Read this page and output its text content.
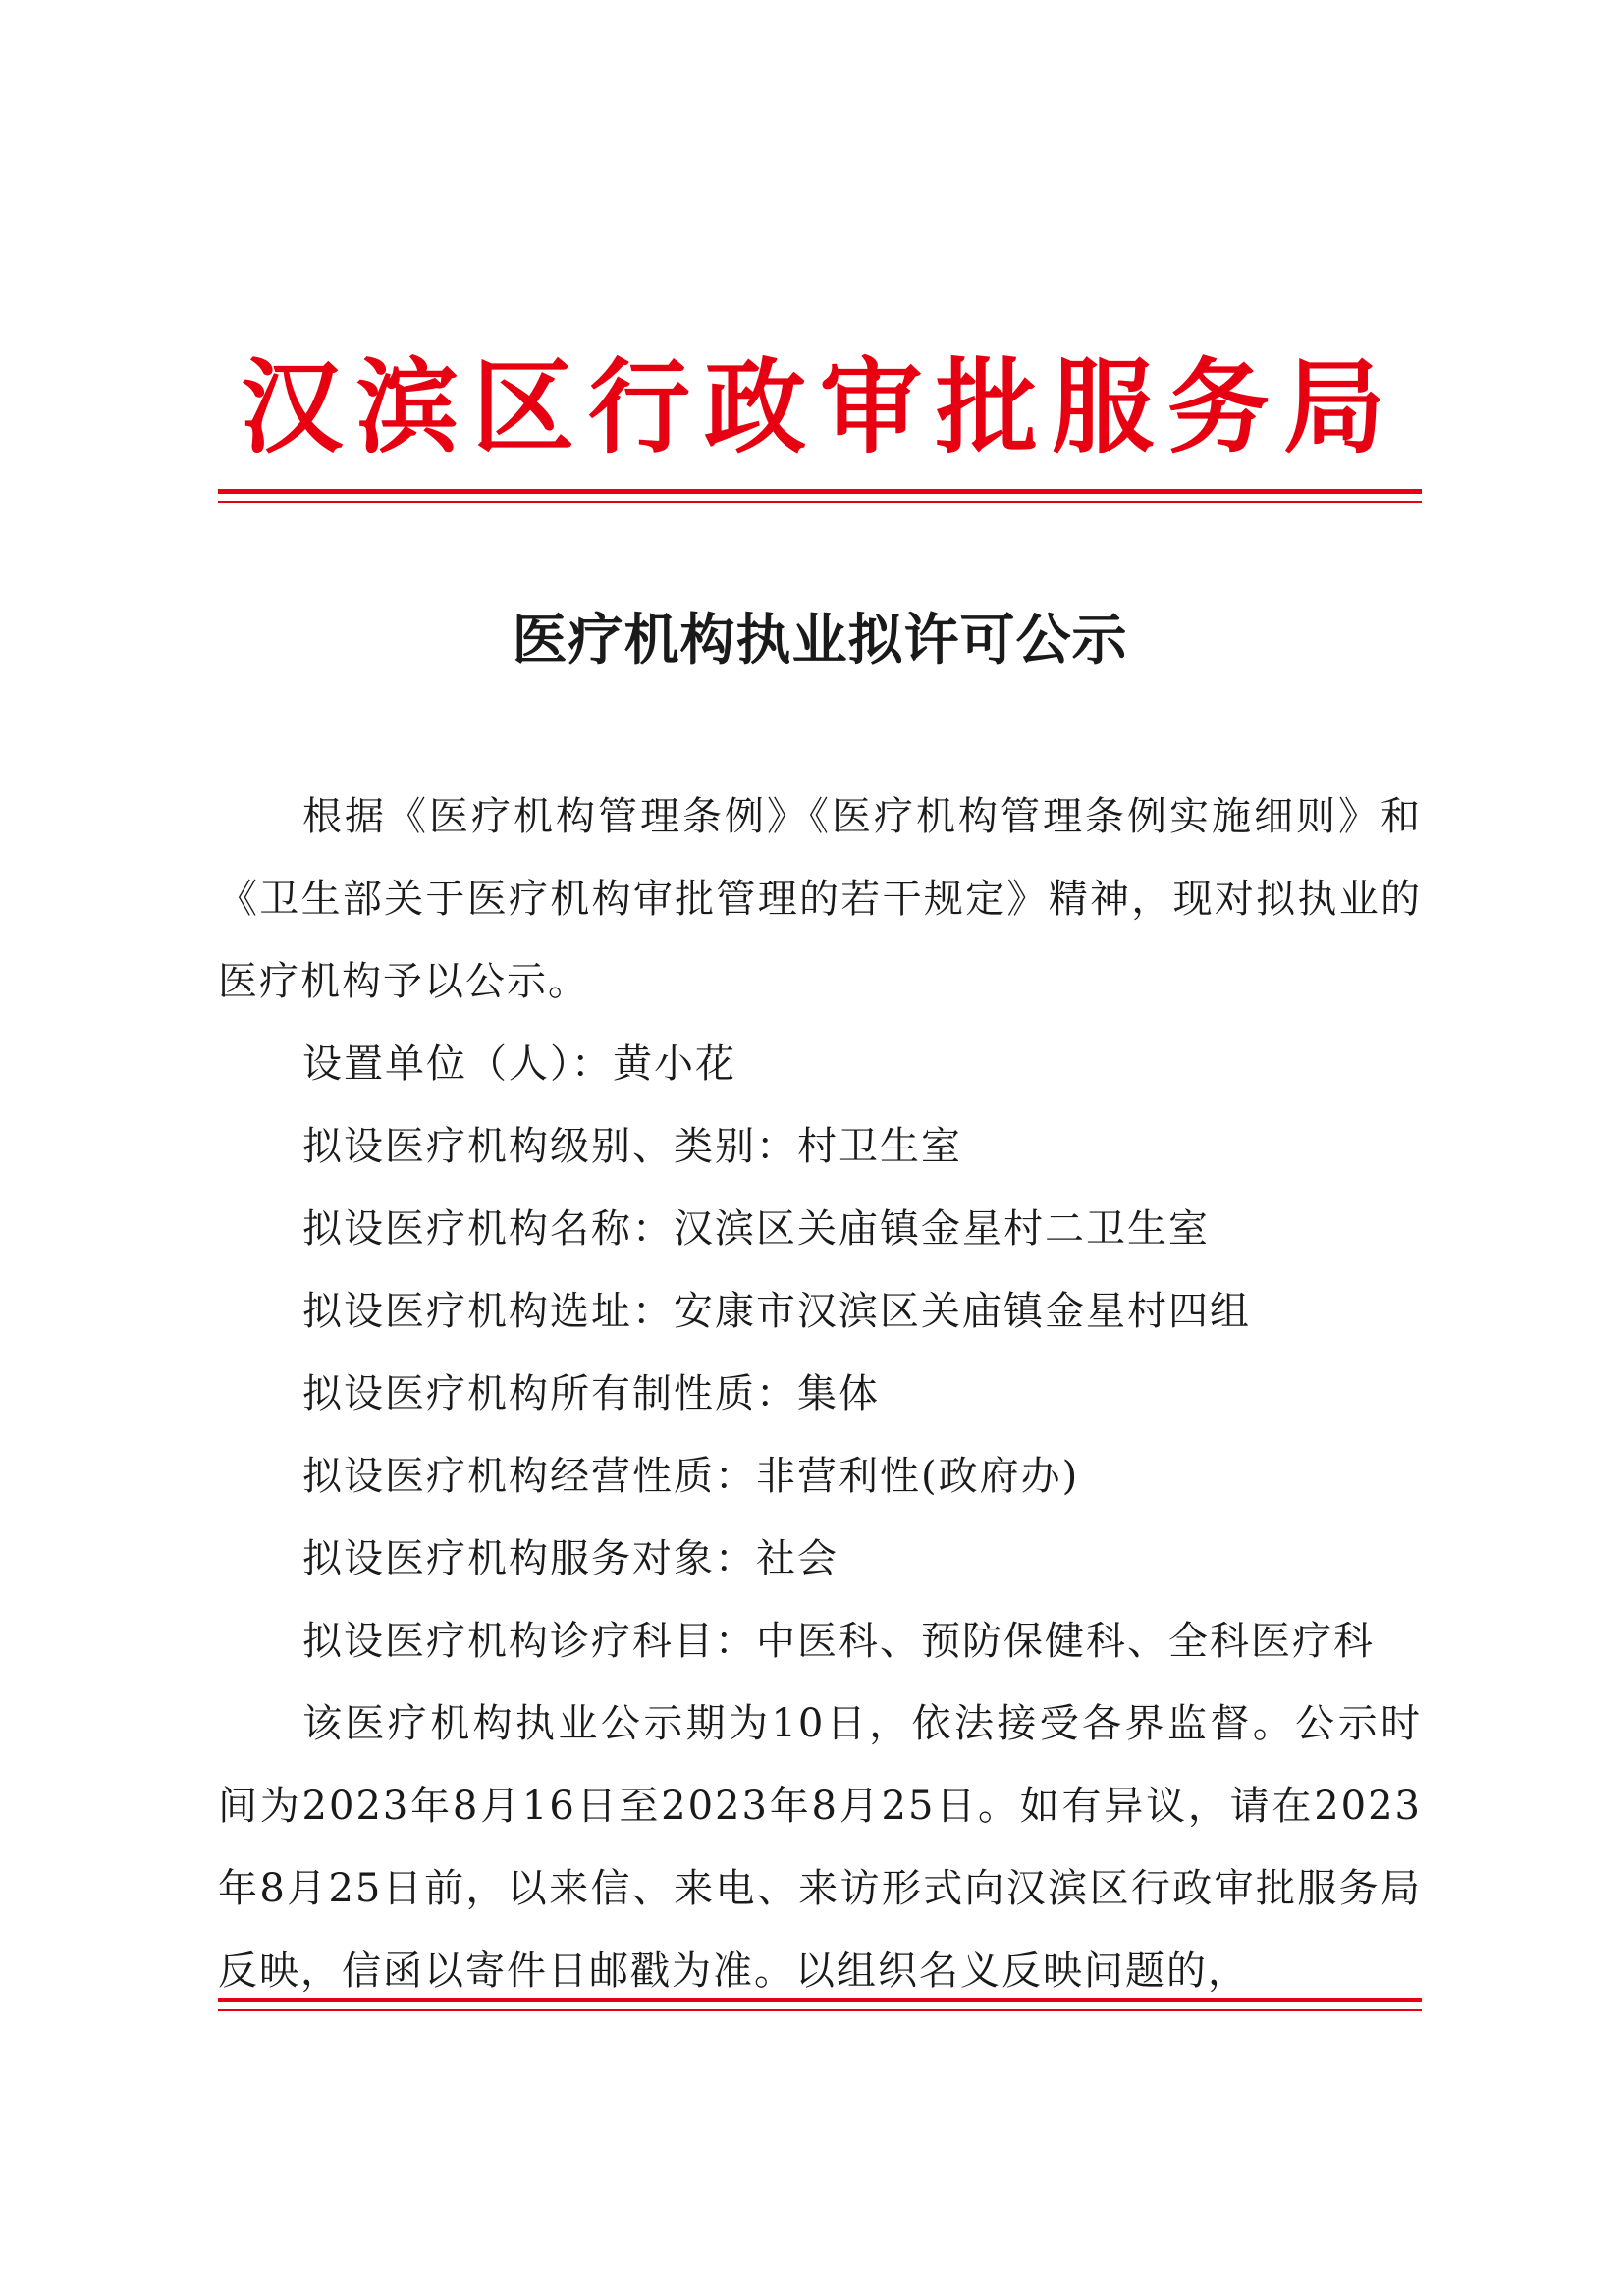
汉滨区行政审批服务局
医疗机构执业拟许可公示

根据《医疗机构管理条例》《医疗机构管理条例实施细则》和《卫生部关于医疗机构审批管理的若干规定》精神，现对拟执业的医疗机构予以公示。

设置单位（人）：黄小花
拟设医疗机构级别、类别：村卫生室
拟设医疗机构名称：汉滨区关庙镇金星村二卫生室
拟设医疗机构选址：安康市汉滨区关庙镇金星村四组
拟设医疗机构所有制性质：集体
拟设医疗机构经营性质：非营利性(政府办)
拟设医疗机构服务对象：社会
拟设医疗机构诊疗科目：中医科、预防保健科、全科医疗科

该医疗机构执业公示期为10日，依法接受各界监督。公示时间为2023年8月16日至2023年8月25日。如有异议，请在2023年8月25日前，以来信、来电、来访形式向汉滨区行政审批服务局反映，信函以寄件日邮戳为准。以组织名义反映问题的，
